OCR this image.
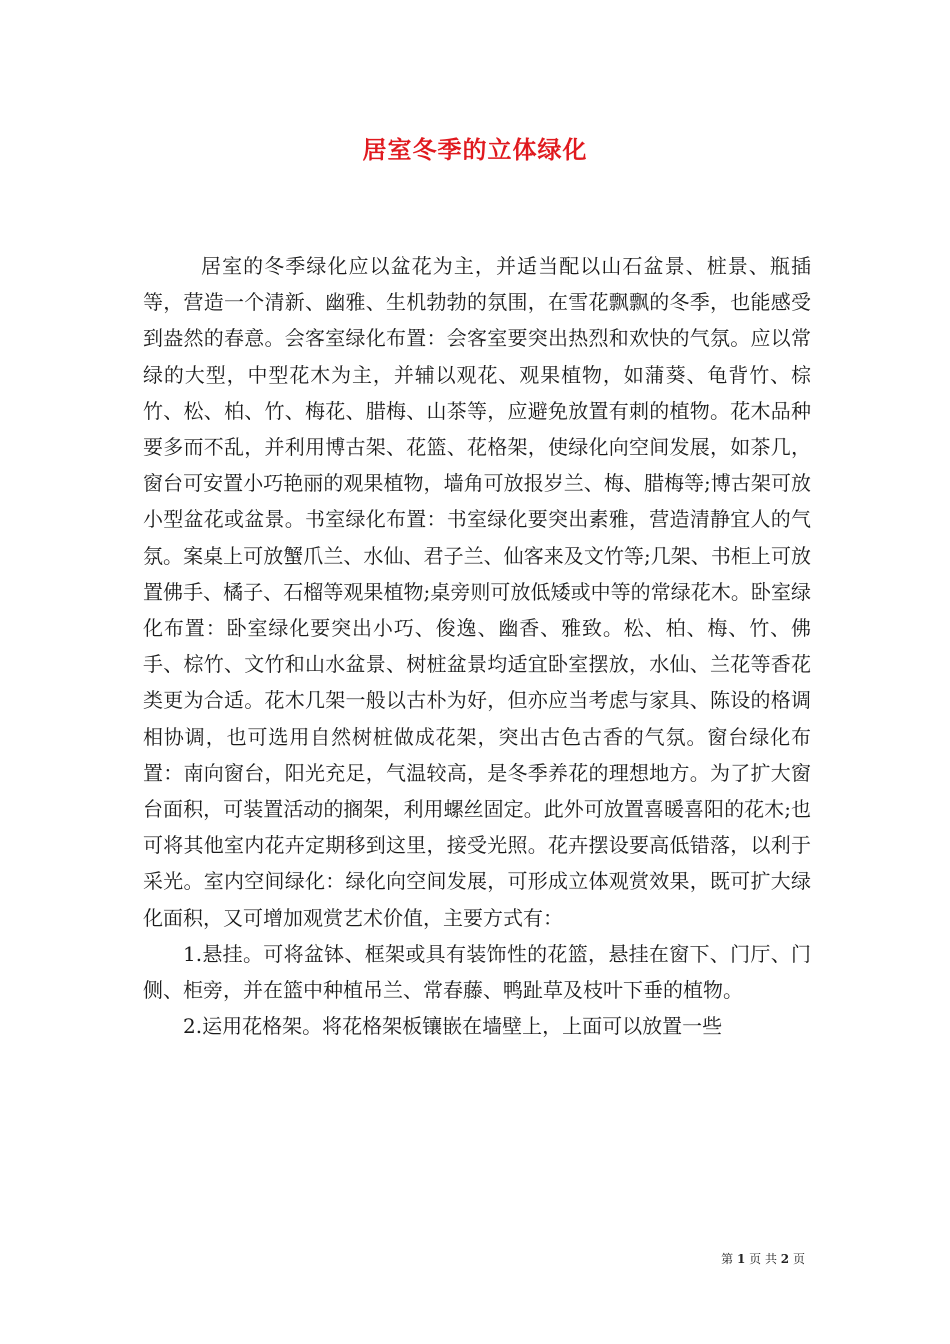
居室冬季的立体绿化

居室的冬季绿化应以盆花为主，并适当配以山石盆景、桩景、瓶插等，营造一个清新、幽雅、生机勃勃的氛围，在雪花飘飘的冬季，也能感受到盎然的春意。会客室绿化布置：会客室要突出热烈和欢快的气氛。应以常绿的大型，中型花木为主，并辅以观花、观果植物，如蒲葵、龟背竹、棕竹、松、柏、竹、梅花、腊梅、山茶等，应避免放置有刺的植物。花木品种要多而不乱，并利用博古架、花篮、花格架，使绿化向空间发展，如茶几，窗台可安置小巧艳丽的观果植物，墙角可放报岁兰、梅、腊梅等;博古架可放小型盆花或盆景。书室绿化布置：书室绿化要突出素雅，营造清静宜人的气氛。案桌上可放蟹爪兰、水仙、君子兰、仙客来及文竹等;几架、书柜上可放置佛手、橘子、石榴等观果植物;桌旁则可放低矮或中等的常绿花木。卧室绿化布置：卧室绿化要突出小巧、俊逸、幽香、雅致。松、柏、梅、竹、佛手、棕竹、文竹和山水盆景、树桩盆景均适宜卧室摆放，水仙、兰花等香花类更为合适。花木几架一般以古朴为好，但亦应当考虑与家具、陈设的格调相协调，也可选用自然树桩做成花架，突出古色古香的气氛。窗台绿化布置：南向窗台，阳光充足，气温较高，是冬季养花的理想地方。为了扩大窗台面积，可装置活动的搁架，利用螺丝固定。此外可放置喜暖喜阳的花木;也可将其他室内花卉定期移到这里，接受光照。花卉摆设要高低错落，以利于采光。室内空间绿化：绿化向空间发展，可形成立体观赏效果，既可扩大绿化面积，又可增加观赏艺术价值，主要方式有：

1.悬挂。可将盆钵、框架或具有装饰性的花篮，悬挂在窗下、门厅、门侧、柜旁，并在篮中种植吊兰、常春藤、鸭趾草及枝叶下垂的植物。

2.运用花格架。将花格架板镶嵌在墙壁上，上面可以放置一些

第 1 页 共 2 页
